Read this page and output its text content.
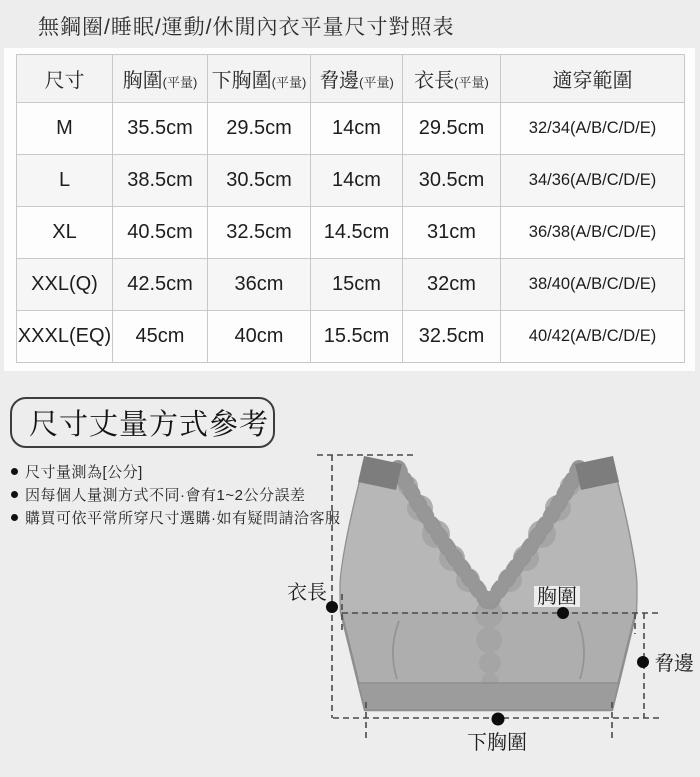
無鋼圈/睡眠/運動/休閒內衣平量尺寸對照表
尺寸	胸圍(平量)	下胸圍(平量)	脅邊(平量)	衣長(平量)	適穿範圍
M	35.5cm	29.5cm	14cm	29.5cm	32/34(A/B/C/D/E)
L	38.5cm	30.5cm	14cm	30.5cm	34/36(A/B/C/D/E)
XL	40.5cm	32.5cm	14.5cm	31cm	36/38(A/B/C/D/E)
XXL(Q)	42.5cm	36cm	15cm	32cm	38/40(A/B/C/D/E)
XXXL(EQ)	45cm	40cm	15.5cm	32.5cm	40/42(A/B/C/D/E)
尺寸丈量方式參考
尺寸量測為[公分]
因每個人量測方式不同·會有1~2公分誤差
購買可依平常所穿尺寸選購·如有疑問請洽客服
衣長	胸圍
脅邊
下胸圍
